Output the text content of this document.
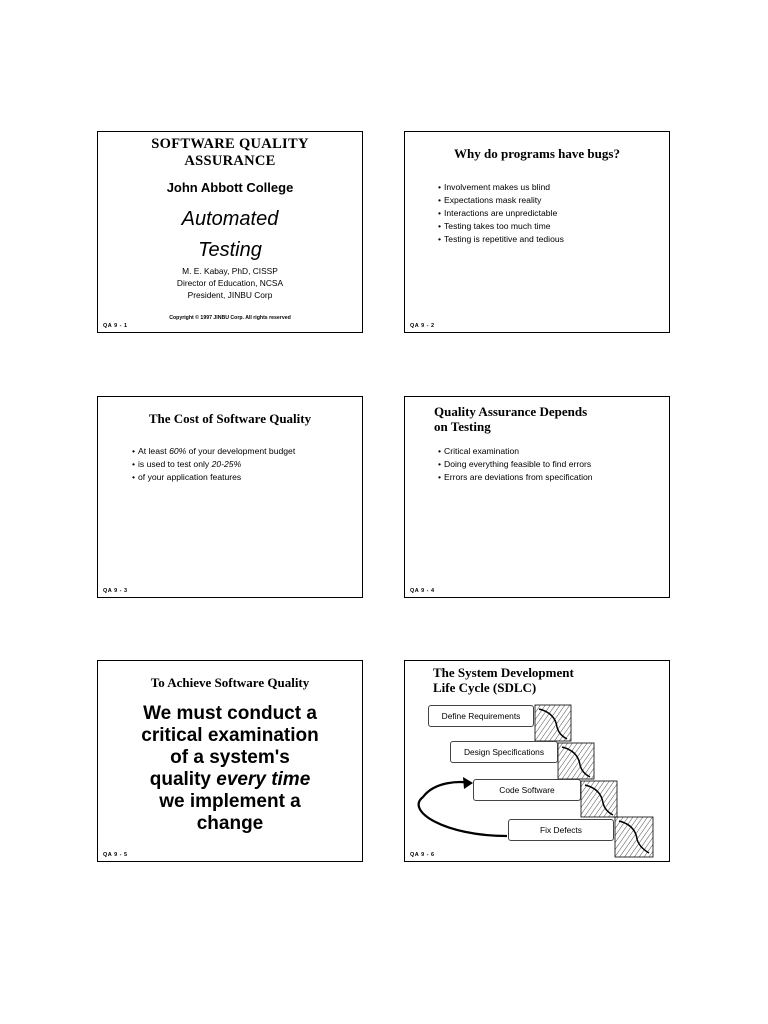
SOFTWARE QUALITY
ASSURANCE
John Abbott College
Automated
Testing
M. E. Kabay, PhD, CISSP
Director of Education, NCSA
President, JINBU Corp
Copyright © 1997 JINBU Corp. All rights reserved
QA 9 - 1
Why do programs have bugs?
• Involvement makes us blind
• Expectations mask reality
• Interactions are unpredictable
• Testing takes too much time
• Testing is repetitive and tedious
QA 9 - 2
The Cost of Software Quality
• At least 60% of your development budget
• is used to test only 20-25%
• of your application features
QA 9 - 3
Quality Assurance Depends
on Testing
• Critical examination
• Doing everything feasible to find errors
• Errors are deviations from specification
QA 9 - 4
To Achieve Software Quality
We must conduct a
critical examination
of a system's
quality every time
we implement a
change
QA 9 - 5
The System Development
Life Cycle (SDLC)
Define Requirements
Design Specifications
Code Software
Fix Defects
QA 9 - 6
